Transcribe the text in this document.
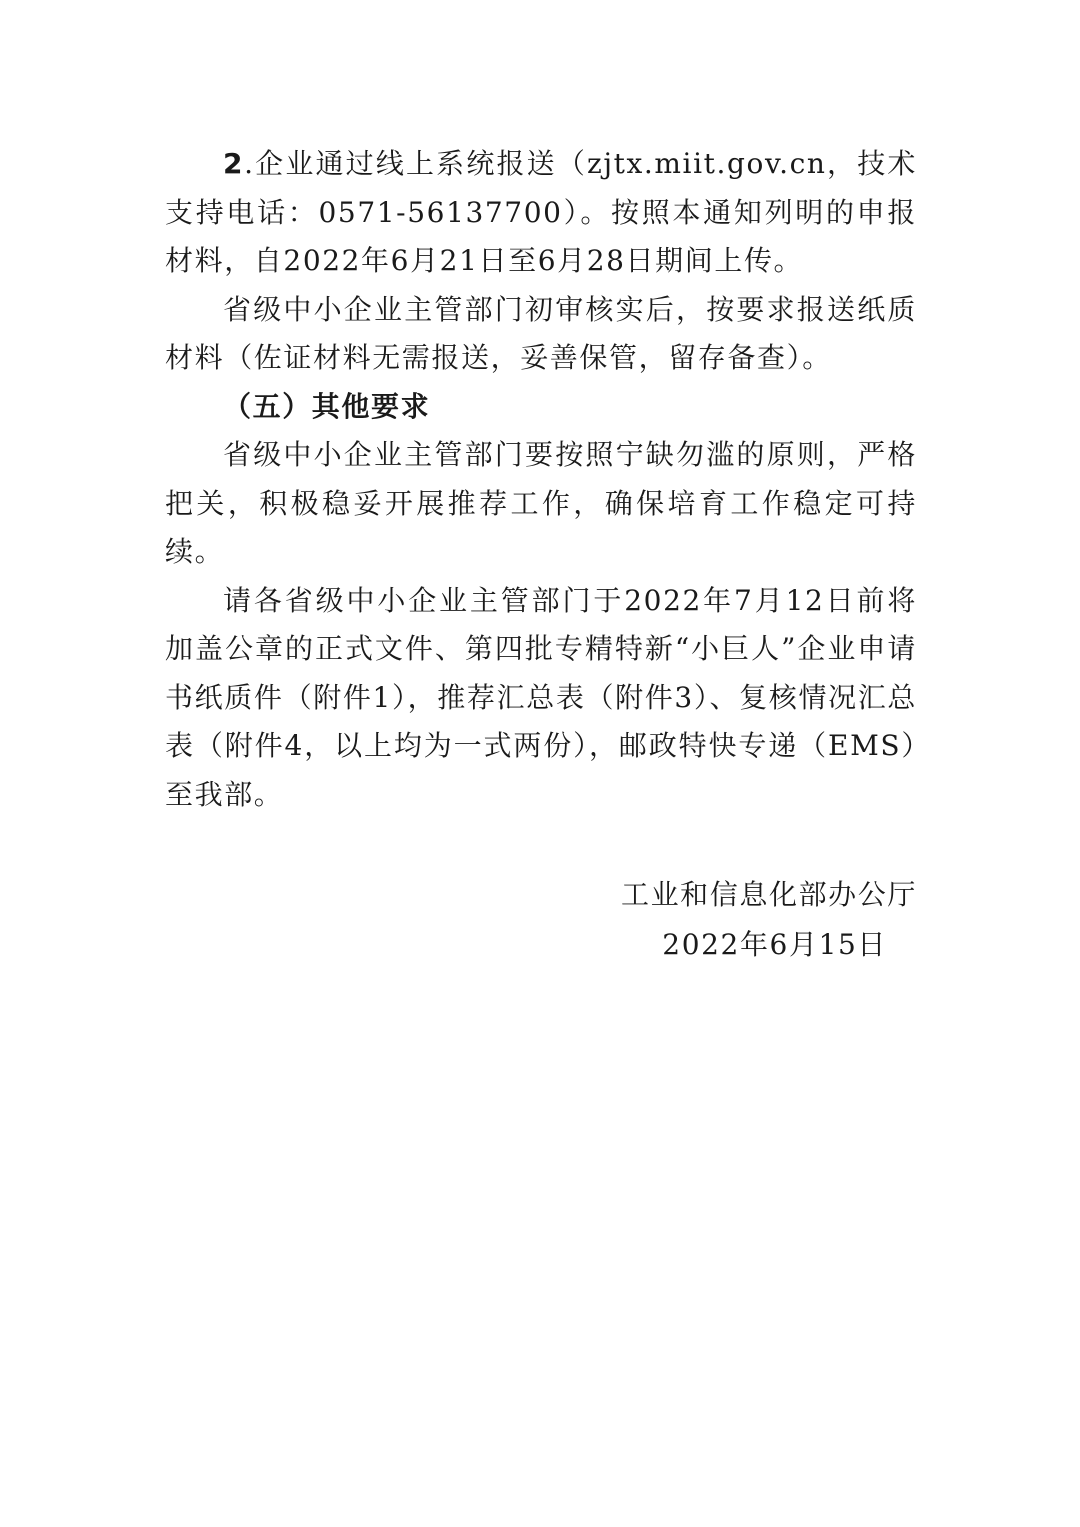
2.企业通过线上系统报送（zjtx.miit.gov.cn，技术支持电话：0571-56137700）。按照本通知列明的申报材料，自2022年6月21日至6月28日期间上传。

省级中小企业主管部门初审核实后，按要求报送纸质材料（佐证材料无需报送，妥善保管，留存备查）。

（五）其他要求

省级中小企业主管部门要按照宁缺勿滥的原则，严格把关，积极稳妥开展推荐工作，确保培育工作稳定可持续。

请各省级中小企业主管部门于2022年7月12日前将加盖公章的正式文件、第四批专精特新“小巨人”企业申请书纸质件（附件1），推荐汇总表（附件3）、复核情况汇总表（附件4，以上均为一式两份），邮政特快专递（EMS）至我部。

工业和信息化部办公厅
2022年6月15日
